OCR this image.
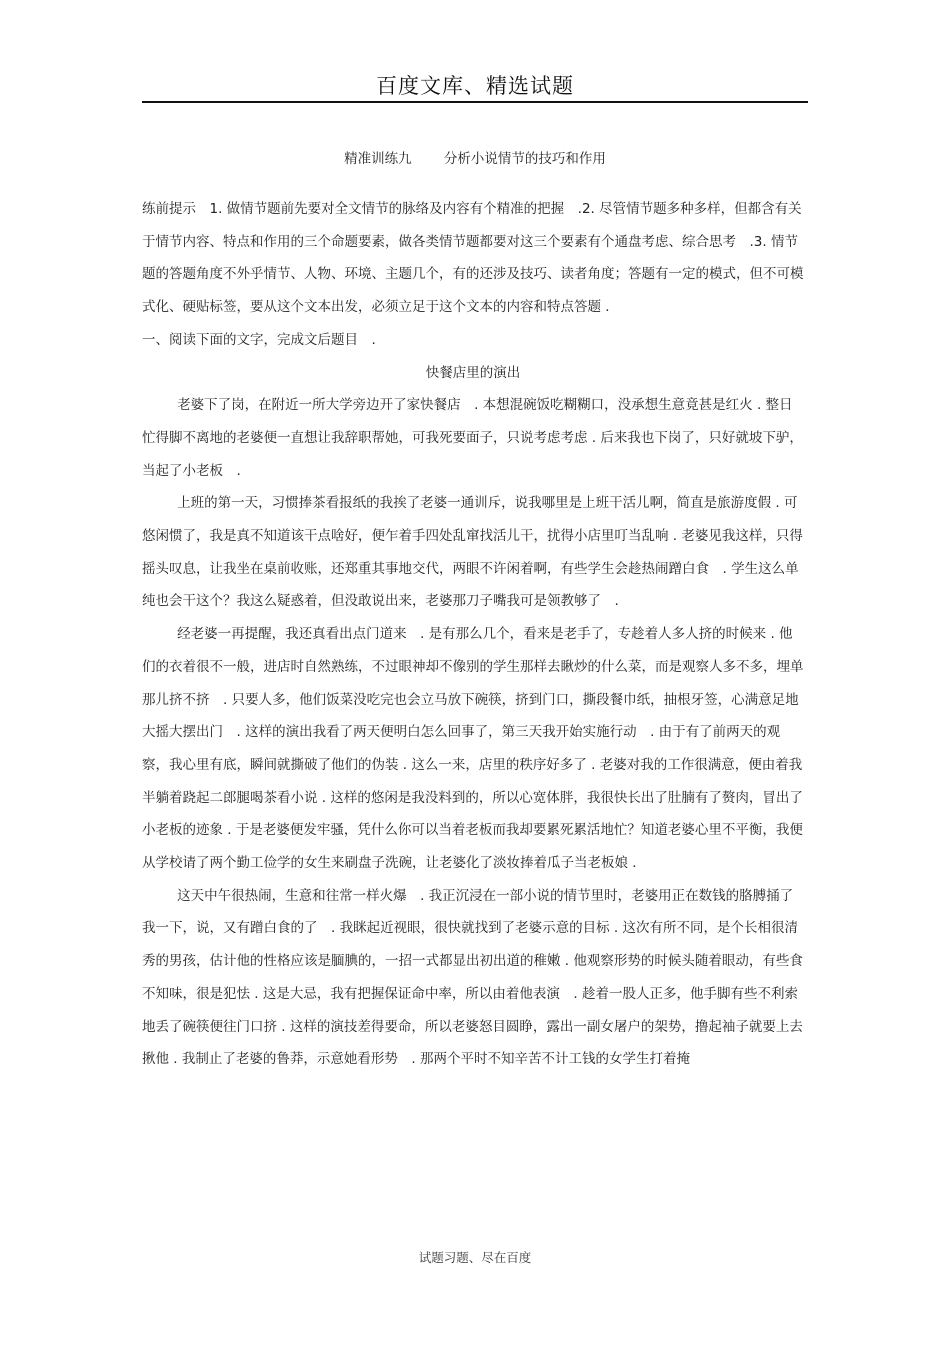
百度文库、精选试题
精准训练九 分析小说情节的技巧和作用

练前提示　1. 做情节题前先要对全文情节的脉络及内容有个精准的把握　.2. 尽管情节题多种多样，但都含有关于情节内容、特点和作用的三个命题要素，做各类情节题都要对这三个要素有个通盘考虑、综合思考　.3. 情节题的答题角度不外乎情节、人物、环境、主题几个，有的还涉及技巧、读者角度；答题有一定的模式，但不可模式化、硬贴标签，要从这个文本出发，必须立足于这个文本的内容和特点答题 .

一、阅读下面的文字，完成文后题目　.

快餐店里的演出

老婆下了岗，在附近一所大学旁边开了家快餐店　. 本想混碗饭吃糊糊口，没承想生意竟甚是红火 . 整日忙得脚不离地的老婆便一直想让我辞职帮她，可我死要面子，只说考虑考虑 . 后来我也下岗了，只好就坡下驴，当起了小老板　.

上班的第一天，习惯捧茶看报纸的我挨了老婆一通训斥，说我哪里是上班干活儿啊，简直是旅游度假 . 可悠闲惯了，我是真不知道该干点啥好，便乍着手四处乱窜找活儿干，扰得小店里叮当乱响 . 老婆见我这样，只得摇头叹息，让我坐在桌前收账，还郑重其事地交代，两眼不许闲着啊，有些学生会趁热闹蹭白食　. 学生这么单纯也会干这个？我这么疑惑着，但没敢说出来，老婆那刀子嘴我可是领教够了　.

经老婆一再提醒，我还真看出点门道来　. 是有那么几个，看来是老手了，专趁着人多人挤的时候来 . 他们的衣着很不一般，进店时自然熟练，不过眼神却不像别的学生那样去瞅炒的什么菜，而是观察人多不多，埋单那儿挤不挤　. 只要人多，他们饭菜没吃完也会立马放下碗筷，挤到门口，撕段餐巾纸，抽根牙签，心满意足地大摇大摆出门　. 这样的演出我看了两天便明白怎么回事了，第三天我开始实施行动　. 由于有了前两天的观察，我心里有底，瞬间就撕破了他们的伪装 . 这么一来，店里的秩序好多了 . 老婆对我的工作很满意，便由着我半躺着跷起二郎腿喝茶看小说 . 这样的悠闲是我没料到的，所以心宽体胖，我很快长出了肚腩有了赘肉，冒出了小老板的迹象 . 于是老婆便发牢骚，凭什么你可以当着老板而我却要累死累活地忙？知道老婆心里不平衡，我便从学校请了两个勤工俭学的女生来刷盘子洗碗，让老婆化了淡妆捧着瓜子当老板娘 .

这天中午很热闹，生意和往常一样火爆　. 我正沉浸在一部小说的情节里时，老婆用正在数钱的胳膊捅了我一下，说，又有蹭白食的了　. 我眯起近视眼，很快就找到了老婆示意的目标 . 这次有所不同，是个长相很清秀的男孩，估计他的性格应该是腼腆的，一招一式都显出初出道的稚嫩 . 他观察形势的时候头随着眼动，有些食不知味，很是犯怯 . 这是大忌，我有把握保证命中率，所以由着他表演　. 趁着一股人正多，他手脚有些不利索地丢了碗筷便往门口挤 . 这样的演技差得要命，所以老婆怒目圆睁，露出一副女屠户的架势，撸起袖子就要上去揪他 . 我制止了老婆的鲁莽，示意她看形势　. 那两个平时不知辛苦不计工钱的女学生打着掩

试题习题、尽在百度
